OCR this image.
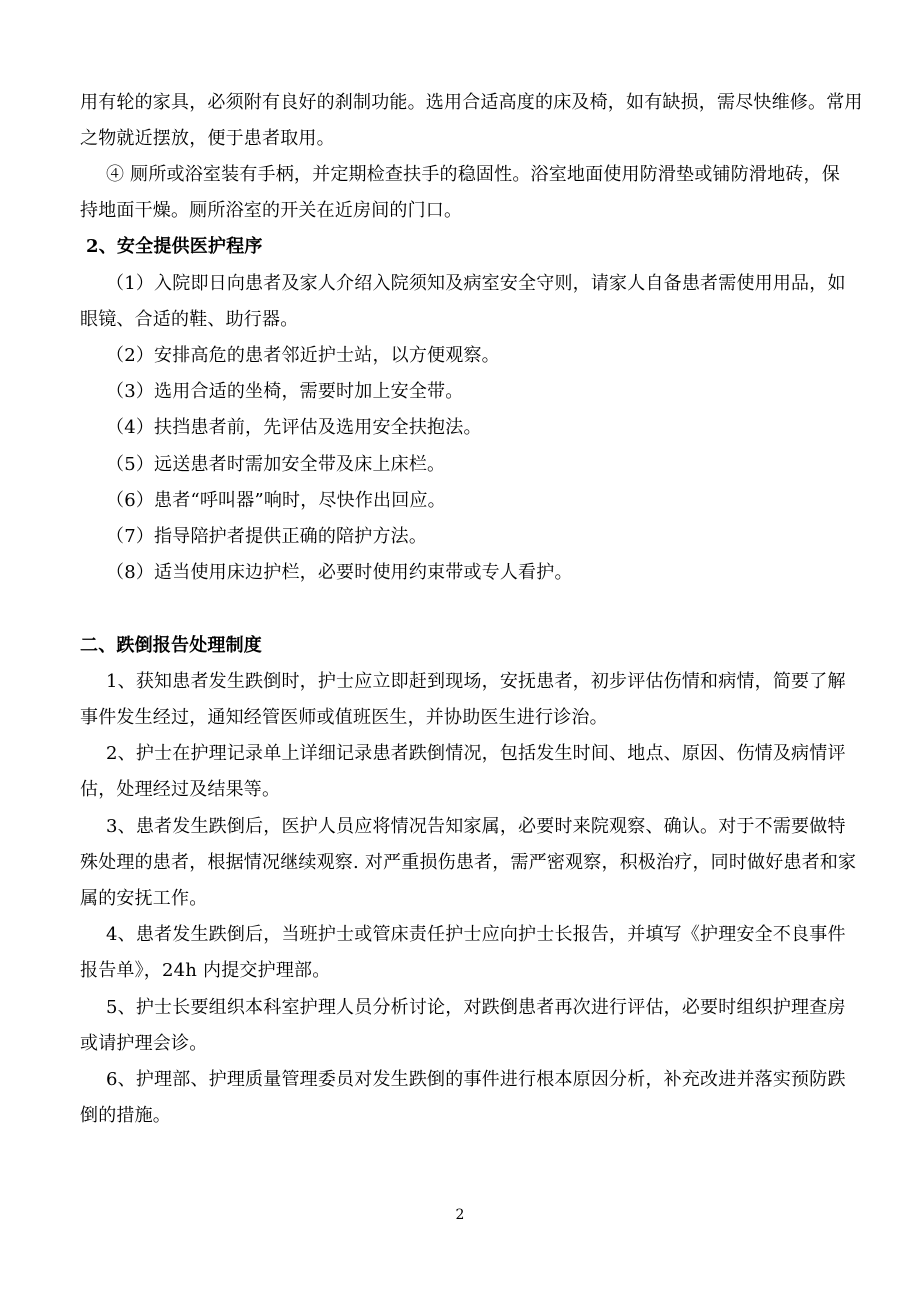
用有轮的家具，必须附有良好的刹制功能。选用合适高度的床及椅，如有缺损，需尽快维修。常用
之物就近摆放，便于患者取用。
④ 厕所或浴室装有手柄，并定期检查扶手的稳固性。浴室地面使用防滑垫或铺防滑地砖，保
持地面干燥。厕所浴室的开关在近房间的门口。
2、安全提供医护程序
（1）入院即日向患者及家人介绍入院须知及病室安全守则，请家人自备患者需使用用品，如
眼镜、合适的鞋、助行器。
（2）安排高危的患者邻近护士站，以方便观察。
（3）选用合适的坐椅，需要时加上安全带。
（4）扶挡患者前，先评估及选用安全扶抱法。
（5）远送患者时需加安全带及床上床栏。
（6）患者“呼叫器”响时，尽快作出回应。
（7）指导陪护者提供正确的陪护方法。
（8）适当使用床边护栏，必要时使用约束带或专人看护。
二、跌倒报告处理制度
1、获知患者发生跌倒时，护士应立即赶到现场，安抚患者，初步评估伤情和病情，简要了解
事件发生经过，通知经管医师或值班医生，并协助医生进行诊治。
2、护士在护理记录单上详细记录患者跌倒情况，包括发生时间、地点、原因、伤情及病情评
估，处理经过及结果等。
3、患者发生跌倒后，医护人员应将情况告知家属，必要时来院观察、确认。对于不需要做特
殊处理的患者，根据情况继续观察. 对严重损伤患者，需严密观察，积极治疗，同时做好患者和家
属的安抚工作。
4、患者发生跌倒后，当班护士或管床责任护士应向护士长报告，并填写《护理安全不良事件
报告单》，24h 内提交护理部。
5、护士长要组织本科室护理人员分析讨论，对跌倒患者再次进行评估，必要时组织护理查房
或请护理会诊。
6、护理部、护理质量管理委员对发生跌倒的事件进行根本原因分析，补充改进并落实预防跌
倒的措施。
2
